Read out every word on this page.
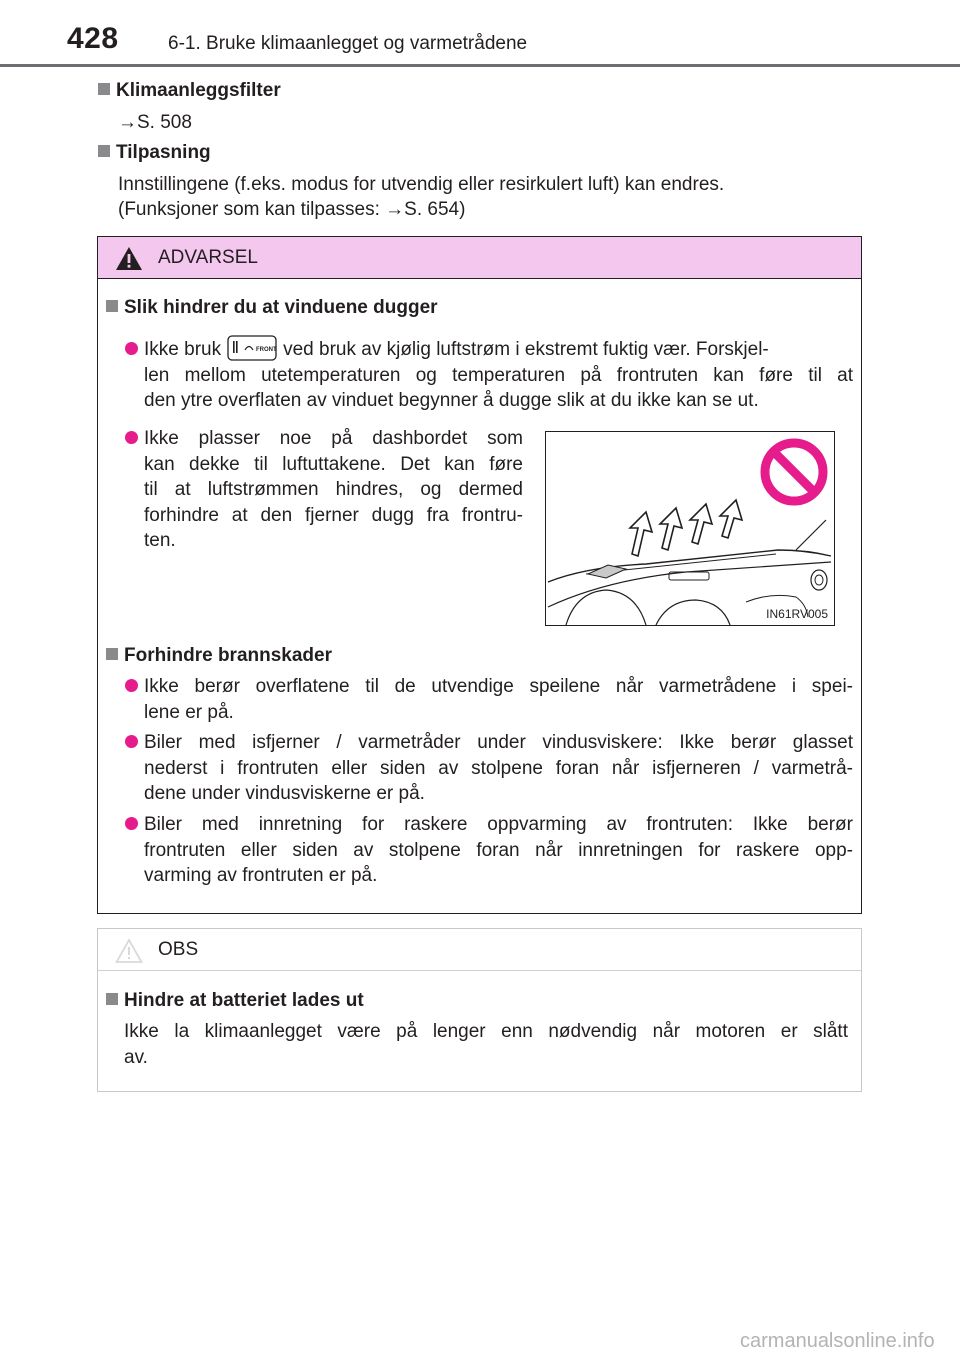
428	6-1. Bruke klimaanlegget og varmetrådene
Klimaanleggsfilter
→S. 508
Tilpasning
Innstillingene (f.eks. modus for utvendig eller resirkulert luft) kan endres.
(Funksjoner som kan tilpasses: →S. 654)
ADVARSEL
Slik hindrer du at vinduene dugger
Ikke bruk	FRONT ved bruk av kjølig luftstrøm i ekstremt fuktig vær. Forskjel-
len mellom utetemperaturen og temperaturen på frontruten kan føre til at
den ytre overflaten av vinduet begynner å dugge slik at du ikke kan se ut.
Ikke plasser noe på dashbordet som
kan dekke til luftuttakene. Det kan føre
til at luftstrømmen hindres, og dermed
forhindre at den fjerner dugg fra frontru-
ten.
IN61RV005
Forhindre brannskader
Ikke berør overflatene til de utvendige speilene når varmetrådene i spei-
lene er på.
Biler med isfjerner / varmetråder under vindusviskere: Ikke berør glasset
nederst i frontruten eller siden av stolpene foran når isfjerneren / varmetrå-
dene under vindusviskerne er på.
Biler med innretning for raskere oppvarming av frontruten: Ikke berør
frontruten eller siden av stolpene foran når innretningen for raskere opp-
varming av frontruten er på.
OBS
Hindre at batteriet lades ut
Ikke la klimaanlegget være på lenger enn nødvendig når motoren er slått
av.
carmanualsonline.info
